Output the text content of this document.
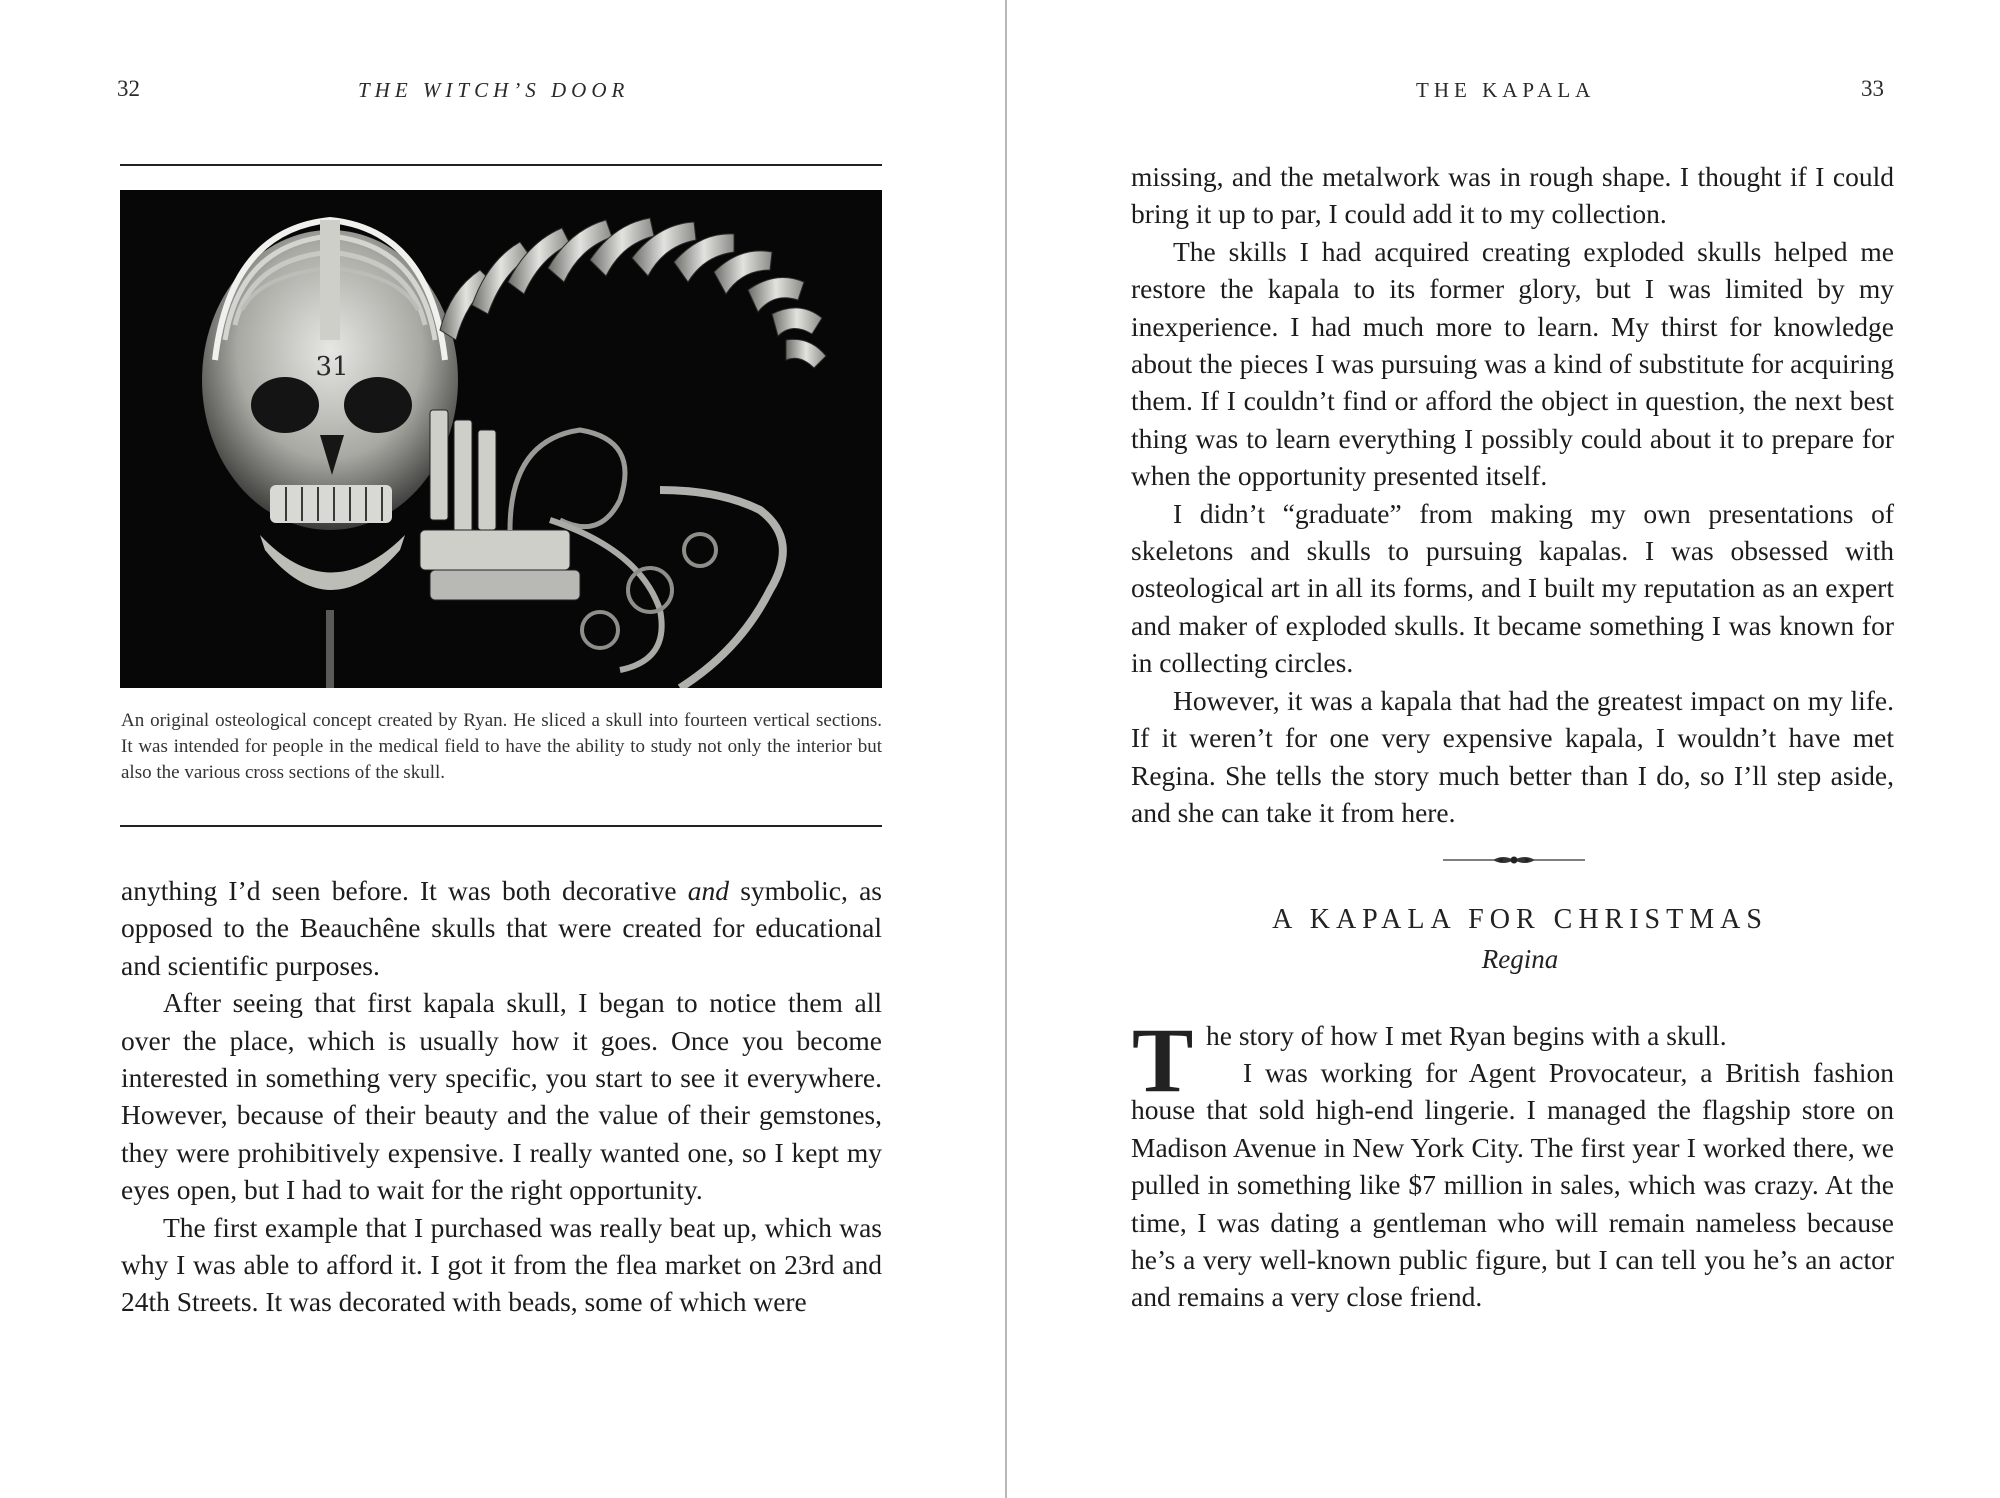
32	THE WITCH’S DOOR
31
An original osteological concept created by Ryan. He sliced a skull into fourteen vertical sections. It was intended for people in the medical field to have the ability to study not only the interior but also the various cross sections of the skull.

anything I’d seen before. It was both decorative and symbolic, as opposed to the Beauchêne skulls that were created for educational and scientific purposes.

After seeing that first kapala skull, I began to notice them all over the place, which is usually how it goes. Once you become interested in something very specific, you start to see it everywhere. However, because of their beauty and the value of their gemstones, they were prohibitively expensive. I really wanted one, so I kept my eyes open, but I had to wait for the right opportunity.

The first example that I purchased was really beat up, which was why I was able to afford it. I got it from the flea market on 23rd and 24th Streets. It was decorated with beads, some of which were

THE KAPALA	33

missing, and the metalwork was in rough shape. I thought if I could bring it up to par, I could add it to my collection.

The skills I had acquired creating exploded skulls helped me restore the kapala to its former glory, but I was limited by my inexperience. I had much more to learn. My thirst for knowledge about the pieces I was pursuing was a kind of substitute for acquiring them. If I couldn’t find or afford the object in question, the next best thing was to learn everything I possibly could about it to prepare for when the opportunity presented itself.

I didn’t “graduate” from making my own presentations of skeletons and skulls to pursuing kapalas. I was obsessed with osteological art in all its forms, and I built my reputation as an expert and maker of exploded skulls. It became something I was known for in collecting circles.

However, it was a kapala that had the greatest impact on my life. If it weren’t for one very expensive kapala, I wouldn’t have met Regina. She tells the story much better than I do, so I’ll step aside, and she can take it from here.

A KAPALA FOR CHRISTMAS
Regina
T he story of how I met Ryan begins with a skull.

I was working for Agent Provocateur, a British fashion house that sold high-end lingerie. I managed the flagship store on Madison Avenue in New York City. The first year I worked there, we pulled in something like $7 million in sales, which was crazy. At the time, I was dating a gentleman who will remain nameless because he’s a very well-known public figure, but I can tell you he’s an actor and remains a very close friend.
